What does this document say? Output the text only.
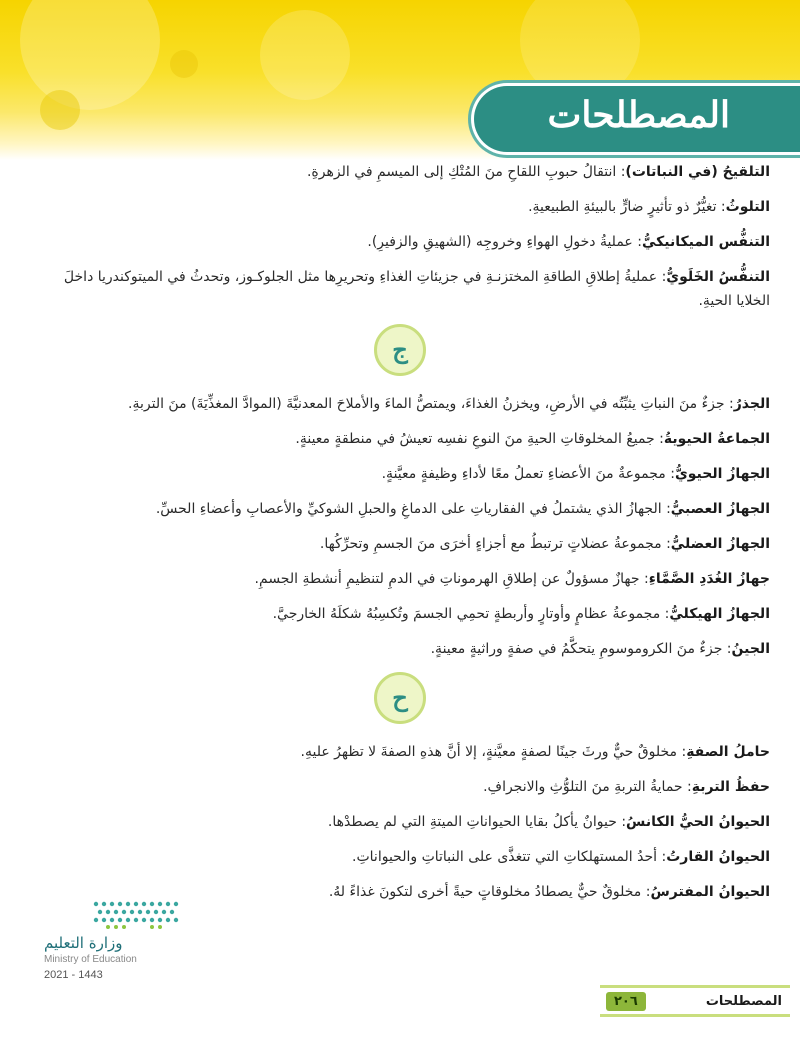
المصطلحات

التلقيحُ (في النباتات): انتقالُ حبوبِ اللقاحِ منَ المُتْكِ إلى الميسمِ في الزهرةِ.

التلوثُ: تغيُّرٌ ذو تأثيرٍ ضارٍّ بالبيئةِ الطبيعيةِ.

التنفُّس الميكانيكيُّ: عمليةُ دخولِ الهواءِ وخروجِه (الشهيقِ والزفيرِ).

التنفُّسُ الخَلَويُّ: عمليةُ إطلاقِ الطاقةِ المختزنـةِ في جزيئاتِ الغذاءِ وتحريرِها مثل الجلوكـوز، وتحدثُ في الميتوكندريا داخلَ الخلايا الحيةِ.

ج

الجذرُ: جزءٌ منَ النباتِ يثبِّتُه في الأرضِ، ويخزنُ الغذاءَ، ويمتصُّ الماءَ والأملاحَ المعدنيَّةَ (الموادَّ المغذِّيَةَ) منَ التربةِ.

الجماعةُ الحيويةُ: جميعُ المخلوقاتِ الحيةِ منَ النوعِ نفسِه تعيشُ في منطقةٍ معينةٍ.

الجهازُ الحيويُّ: مجموعةٌ منَ الأعضاءِ تعملُ معًا لأداءِ وظيفةٍ معيَّنةٍ.

الجهازُ العصبيُّ: الجهازُ الذي يشتملُ في الفقارياتِ على الدماغِ والحبلِ الشوكيِّ والأعصابِ وأعضاءِ الحسِّ.

الجهازُ العضليُّ: مجموعةُ عضلاتٍ ترتبطُ مع أجزاءٍ أخرَى منَ الجسمِ وتحرِّكُها.

جهازُ الغُدَدِ الصَّمَّاءِ: جهازٌ مسؤولٌ عن إطلاقِ الهرموناتِ في الدمِ لتنظيمِ أنشطةِ الجسمِ.

الجهازُ الهيكليُّ: مجموعةُ عظامٍ وأوتارٍ وأربطةٍ تحمِي الجسمَ وتُكسِبُهُ شكلَهُ الخارجيَّ.

الجينُ: جزءٌ منَ الكروموسومِ يتحكَّمُ في صفةٍ وراثيةٍ معينةٍ.

ح

حاملُ الصفةِ: مخلوقٌ حيٌّ ورثَ جينًا لصفةٍ معيَّنةٍ، إلا أنَّ هذهِ الصفةَ لا تظهرُ عليهِ.

حفظُ التربةِ: حمايةُ التربةِ منَ التلوُّثِ والانجرافِ.

الحيوانُ الحيُّ الكانسُ: حيوانٌ يأكلُ بقايا الحيواناتِ الميتةِ التي لم يصطدْها.

الحيوانُ القارتُ: أحدُ المستهلكاتِ التي تتغذَّى على النباتاتِ والحيواناتِ.

الحيوانُ المفترسُ: مخلوقٌ حيٌّ يصطادُ مخلوقاتٍ حيةً أخرى لتكونَ غذاءً لهُ.

وزارة التعليم
Ministry of Education
2021 - 1443
المصطلحات
٢٠٦
